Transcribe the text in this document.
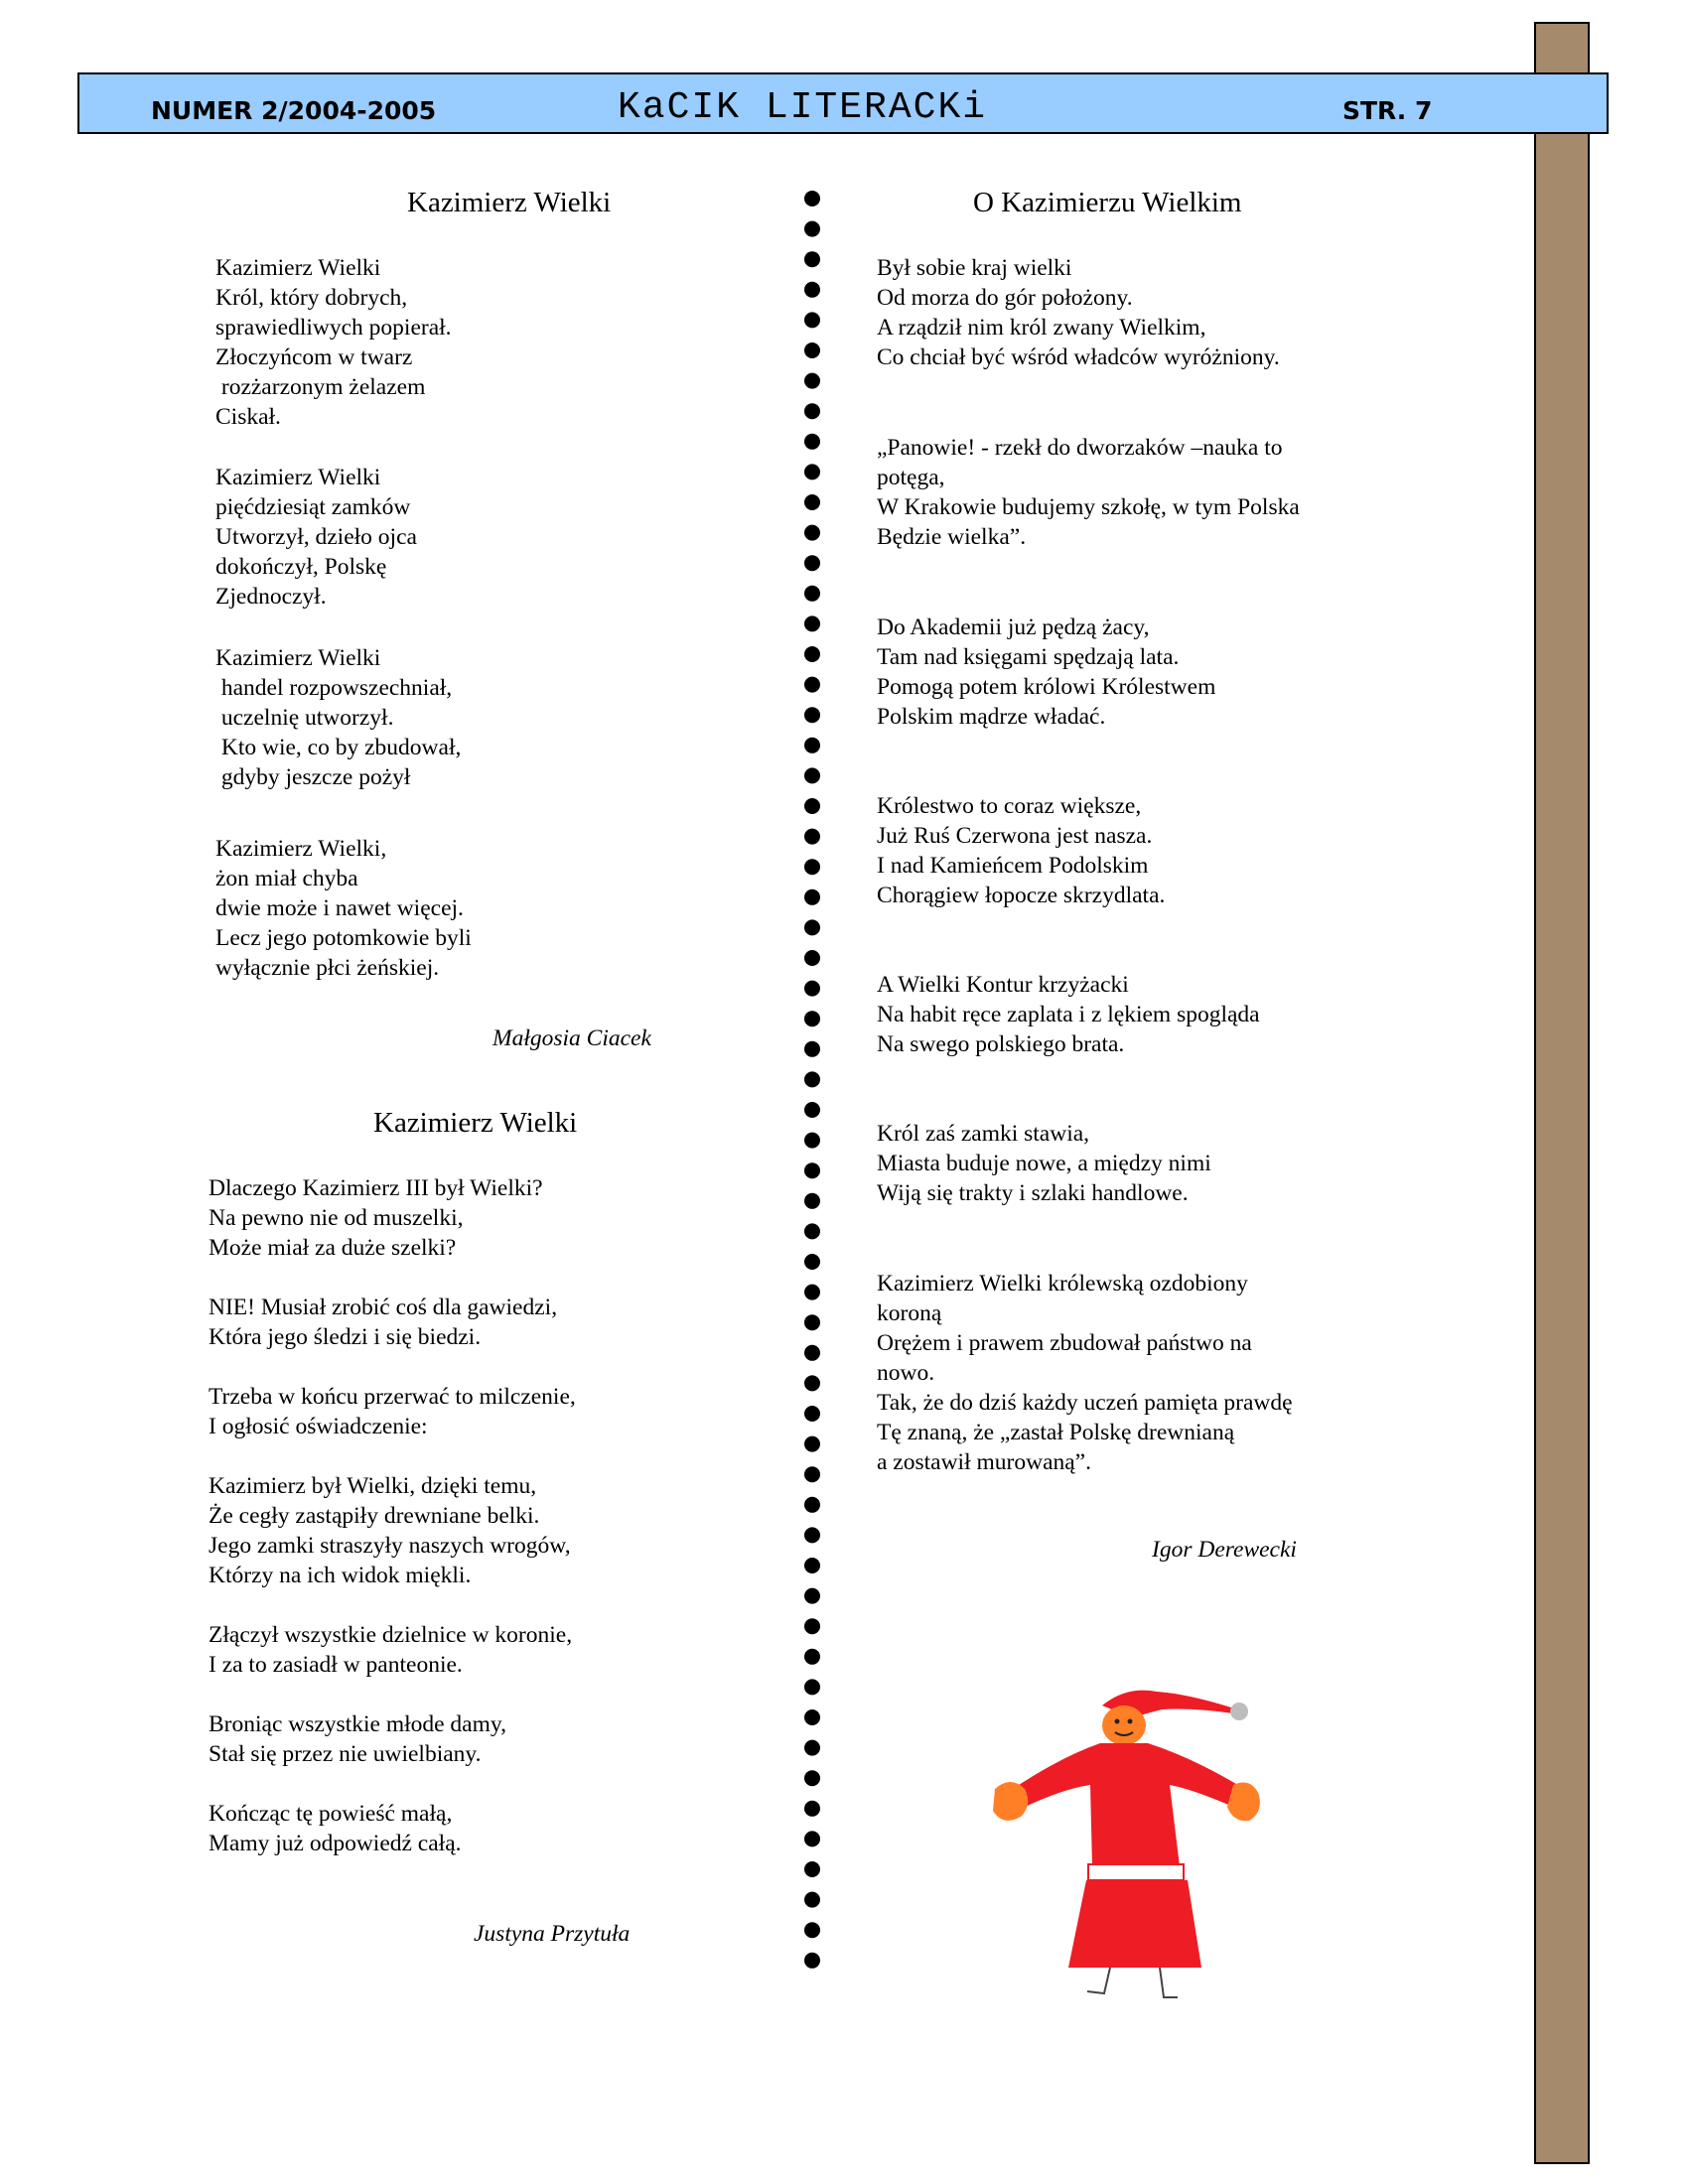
NUMER 2/2004-2005	KaCIK LITERACKi	STR. 7
Kazimierz Wielki
Kazimierz Wielki
Król, który dobrych,
sprawiedliwych popierał.
Złoczyńcom w twarz
rozżarzonym żelazem
Ciskał.
Kazimierz Wielki
pięćdziesiąt zamków
Utworzył, dzieło ojca
dokończył, Polskę
Zjednoczył.
Kazimierz Wielki
handel rozpowszechniał,
uczelnię utworzył.
Kto wie, co by zbudował,
gdyby jeszcze pożył
Kazimierz Wielki,
żon miał chyba
dwie może i nawet więcej.
Lecz jego potomkowie byli
wyłącznie płci żeńskiej.
Małgosia Ciacek
Kazimierz Wielki
Dlaczego Kazimierz III był Wielki?
Na pewno nie od muszelki,
Może miał za duże szelki?
NIE! Musiał zrobić coś dla gawiedzi,
Która jego śledzi i się biedzi.
Trzeba w końcu przerwać to milczenie,
I ogłosić oświadczenie:
Kazimierz był Wielki, dzięki temu,
Że cegły zastąpiły drewniane belki.
Jego zamki straszyły naszych wrogów,
Którzy na ich widok miękli.
Złączył wszystkie dzielnice w koronie,
I za to zasiadł w panteonie.
Broniąc wszystkie młode damy,
Stał się przez nie uwielbiany.
Kończąc tę powieść małą,
Mamy już odpowiedź całą.
Justyna Przytuła
O Kazimierzu Wielkim
Był sobie kraj wielki
Od morza do gór położony.
A rządził nim król zwany Wielkim,
Co chciał być wśród władców wyróżniony.
„Panowie! - rzekł do dworzaków –nauka to
potęga,
W Krakowie budujemy szkołę, w tym Polska
Będzie wielka”.
Do Akademii już pędzą żacy,
Tam nad księgami spędzają lata.
Pomogą potem królowi Królestwem
Polskim mądrze władać.
Królestwo to coraz większe,
Już Ruś Czerwona jest nasza.
I nad Kamieńcem Podolskim
Chorągiew łopocze skrzydlata.
A Wielki Kontur krzyżacki
Na habit ręce zaplata i z lękiem spogląda
Na swego polskiego brata.
Król zaś zamki stawia,
Miasta buduje nowe, a między nimi
Wiją się trakty i szlaki handlowe.
Kazimierz Wielki królewską ozdobiony
koroną
Orężem i prawem zbudował państwo na
nowo.
Tak, że do dziś każdy uczeń pamięta prawdę
Tę znaną, że „zastał Polskę drewnianą
a zostawił murowaną”.
Igor Derewecki
